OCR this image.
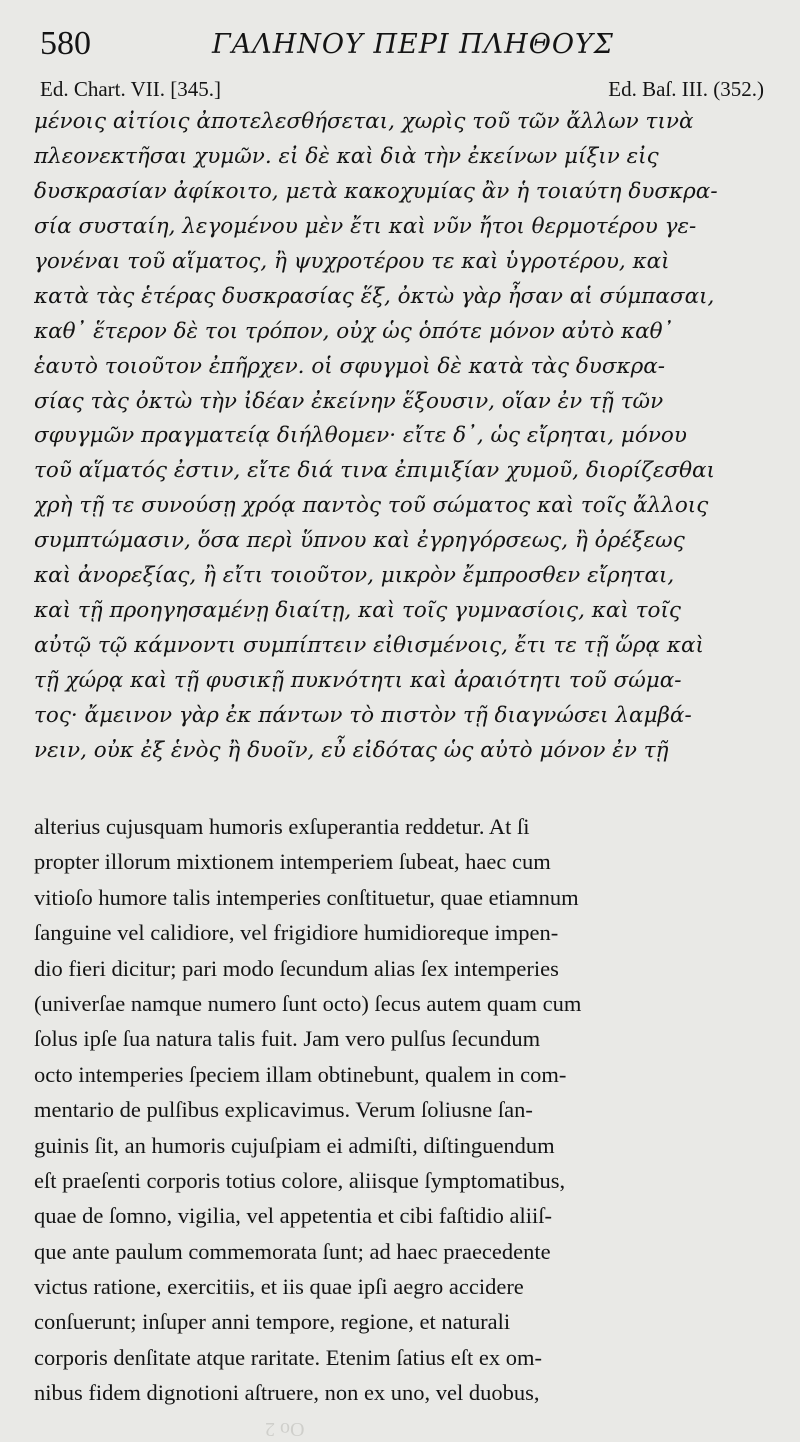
580	ΓΑΛΗΝΟΥ ΠΕΡΙ ΠΛΗΘΟΥΣ
Ed. Chart. VII. [345.]	Ed. Baſ. III. (352.)
μένοις αἰτίοις ἀποτελεσθήσεται, χωρὶς τοῦ τῶν ἄλλων τινὰ
πλεονεκτῆσαι χυμῶν. εἰ δὲ καὶ διὰ τὴν ἐκείνων μίξιν εἰς
δυσκρασίαν ἀφίκοιτο, μετὰ κακοχυμίας ἂν ἡ τοιαύτη δυσκρα-
σία συσταίη, λεγομένου μὲν ἔτι καὶ νῦν ἤτοι θερμοτέρου γε-
γονέναι τοῦ αἵματος, ἢ ψυχροτέρου τε καὶ ὑγροτέρου, καὶ
κατὰ τὰς ἑτέρας δυσκρασίας ἕξ, ὀκτὼ γὰρ ἦσαν αἱ σύμπασαι,
καθ᾽ ἕτερον δὲ τοι τρόπον, οὐχ ὡς ὁπότε μόνον αὐτὸ καθ᾽
ἑαυτὸ τοιοῦτον ἐπῆρχεν. οἱ σφυγμοὶ δὲ κατὰ τὰς δυσκρα-
σίας τὰς ὀκτὼ τὴν ἰδέαν ἐκείνην ἕξουσιν, οἵαν ἐν τῇ τῶν
σφυγμῶν πραγματείᾳ διήλθομεν· εἴτε δ᾽, ὡς εἴρηται, μόνου
τοῦ αἵματός ἐστιν, εἴτε διά τινα ἐπιμιξίαν χυμοῦ, διορίζεσθαι
χρὴ τῇ τε συνούσῃ χρόᾳ παντὸς τοῦ σώματος καὶ τοῖς ἄλλοις
συμπτώμασιν, ὅσα περὶ ὕπνου καὶ ἐγρηγόρσεως, ἢ ὀρέξεως
καὶ ἀνορεξίας, ἢ εἴτι τοιοῦτον, μικρὸν ἔμπροσθεν εἴρηται,
καὶ τῇ προηγησαμένῃ διαίτῃ, καὶ τοῖς γυμνασίοις, καὶ τοῖς
αὐτῷ τῷ κάμνοντι συμπίπτειν εἰθισμένοις, ἔτι τε τῇ ὥρᾳ καὶ
τῇ χώρᾳ καὶ τῇ φυσικῇ πυκνότητι καὶ ἀραιότητι τοῦ σώμα-
τος· ἄμεινον γὰρ ἐκ πάντων τὸ πιστὸν τῇ διαγνώσει λαμβά-
νειν, οὐκ ἐξ ἑνὸς ἢ δυοῖν, εὖ εἰδότας ὡς αὐτὸ μόνον ἐν τῇ
alterius cujusquam humoris exſuperantia reddetur. At ſi
propter illorum mixtionem intemperiem ſubeat, haec cum
vitioſo humore talis intemperies conſtituetur, quae etiamnum
ſanguine vel calidiore, vel frigidiore humidioreque impen-
dio fieri dicitur; pari modo ſecundum alias ſex intemperies
(univerſae namque numero ſunt octo) ſecus autem quam cum
ſolus ipſe ſua natura talis fuit. Jam vero pulſus ſecundum
octo intemperies ſpeciem illam obtinebunt, qualem in com-
mentario de pulſibus explicavimus. Verum ſoliusne ſan-
guinis ſit, an humoris cujuſpiam ei admiſti, diſtinguendum
eſt praeſenti corporis totius colore, aliisque ſymptomatibus,
quae de ſomno, vigilia, vel appetentia et cibi faſtidio aliiſ-
que ante paulum commemorata ſunt; ad haec praecedente
victus ratione, exercitiis, et iis quae ipſi aegro accidere
conſuerunt; inſuper anni tempore, regione, et naturali
corporis denſitate atque raritate. Etenim ſatius eſt ex om-
nibus fidem dignotioni aſtruere, non ex uno, vel duobus,
Oo 2
